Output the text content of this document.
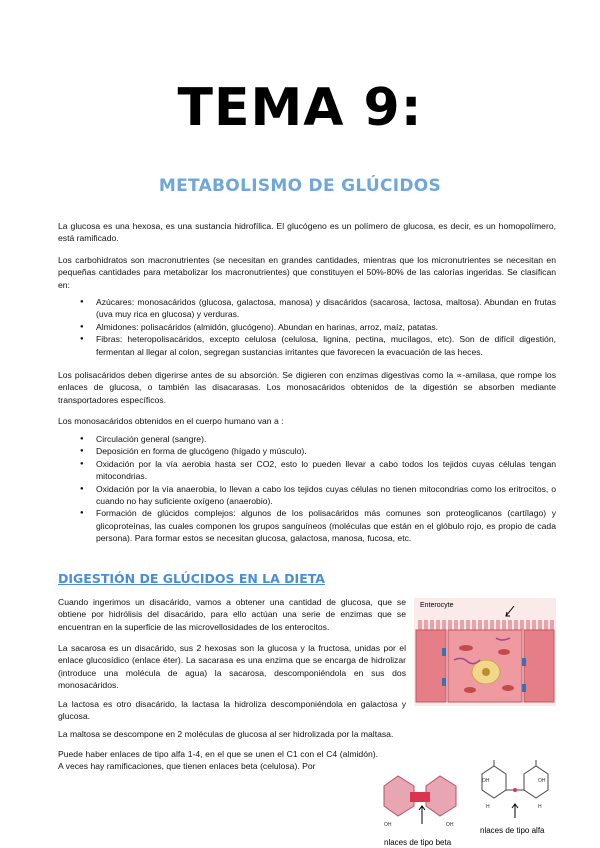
TEMA 9:
METABOLISMO DE GLÚCIDOS

La glucosa es una hexosa, es una sustancia hidrofílica. El glucógeno es un polímero de glucosa, es decir, es un homopolímero, está ramificado.

Los carbohidratos son macronutrientes (se necesitan en grandes cantidades, mientras que los micronutrientes se necesitan en pequeñas cantidades para metabolizar los macronutrientes) que constituyen el 50%-80% de las calorías ingeridas. Se clasifican en:

● Azúcares: monosacáridos (glucosa, galactosa, manosa) y disacáridos (sacarosa, lactosa, maltosa). Abundan en frutas (uva muy rica en glucosa) y verduras.
● Almidones: polisacáridos (almidón, glucógeno). Abundan en harinas, arroz, maíz, patatas.
● Fibras: heteropolisacáridos, excepto celulosa (celulosa, lignina, pectina, mucílagos, etc). Son de difícil digestión, fermentan al llegar al colon, segregan sustancias irritantes que favorecen la evacuación de las heces.

Los polisacáridos deben digerirse antes de su absorción. Se digieren con enzimas digestivas como la ∝-amilasa, que rompe los enlaces de glucosa, o también las disacarasas. Los monosacáridos obtenidos de la digestión se absorben mediante transportadores específicos.

Los monosacáridos obtenidos en el cuerpo humano van a :

● Circulación general (sangre).
● Deposición en forma de glucógeno (hígado y músculo).
● Oxidación por la vía aerobia hasta ser CO2, esto lo pueden llevar a cabo todos los tejidos cuyas células tengan mitocondrias.
● Oxidación por la vía anaerobia, lo llevan a cabo los tejidos cuyas células no tienen mitocondrias como los eritrocitos, o cuando no hay suficiente oxígeno (anaerobio).
● Formación de glúcidos complejos: algunos de los polisacáridos más comunes son proteoglicanos (cartílago) y glicoproteínas, las cuales componen los grupos sanguíneos (moléculas que están en el glóbulo rojo, es propio de cada persona). Para formar estos se necesitan glucosa, galactosa, manosa, fucosa, etc.
DIGESTIÓN DE GLÚCIDOS EN LA DIETA

Cuando ingerimos un disacárido, vamos a obtener una cantidad de glucosa, que se obtiene por hidrólisis del disacárido, para ello actúan una serie de enzimas que se encuentran en la superficie de las microvellosidades de los enterocitos.

La sacarosa es un disacárido, sus 2 hexosas son la glucosa y la fructosa, unidas por el enlace glucosídico (enlace éter). La sacarasa es una enzima que se encarga de hidrolizar (introduce una molécula de agua) la sacarosa, descomponiéndola en sus dos monosacáridos.

La lactosa es otro disacárido, la lactasa la hidroliza descomponiéndola en galactosa y glucosa.

La maltosa se descompone en 2 moléculas de glucosa al ser hidrolizada por la maltasa.

Puede haber enlaces de tipo alfa 1-4, en el que se unen el C1 con el C4 (almidón). A veces hay ramificaciones, que tienen enlaces beta (celulosa). Por

Enterocyte
OH	OH
nlaces de tipo beta
OH	OH
H	H
nlaces de tipo alfa
